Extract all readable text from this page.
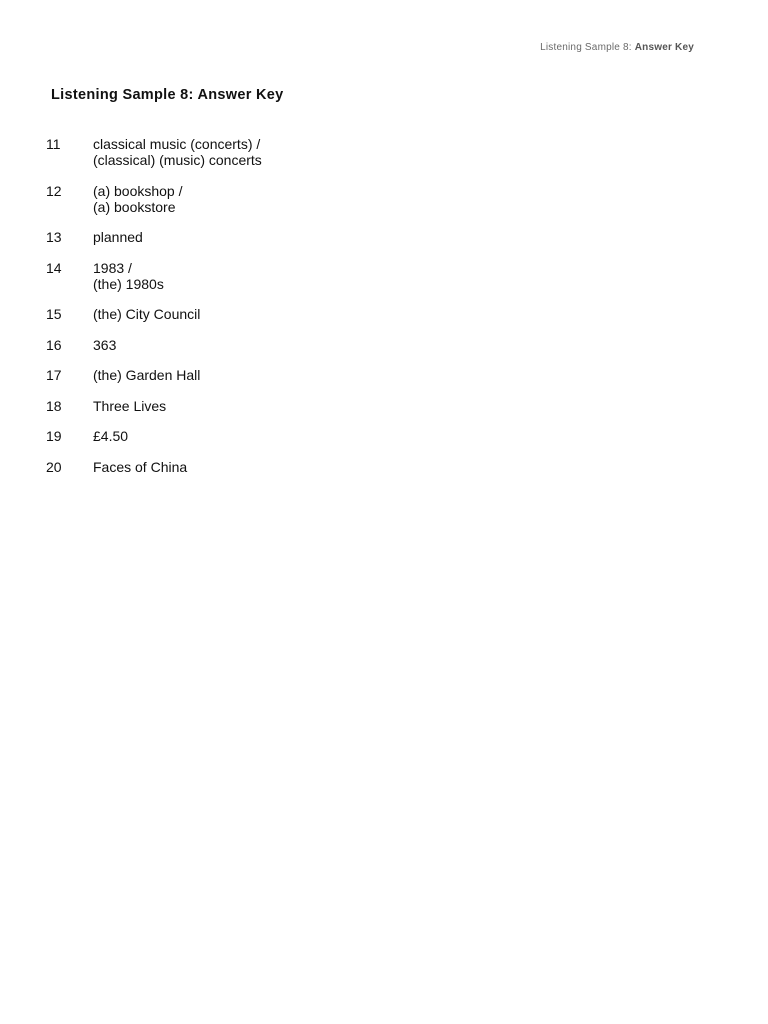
Listening Sample 8: Answer Key
Listening Sample 8: Answer Key
11	classical music (concerts) /
(classical) (music) concerts
12	(a) bookshop /
(a) bookstore
13	planned
14	1983 /
(the) 1980s
15	(the) City Council
16	363
17	(the) Garden Hall
18	Three Lives
19	£4.50
20	Faces of China
